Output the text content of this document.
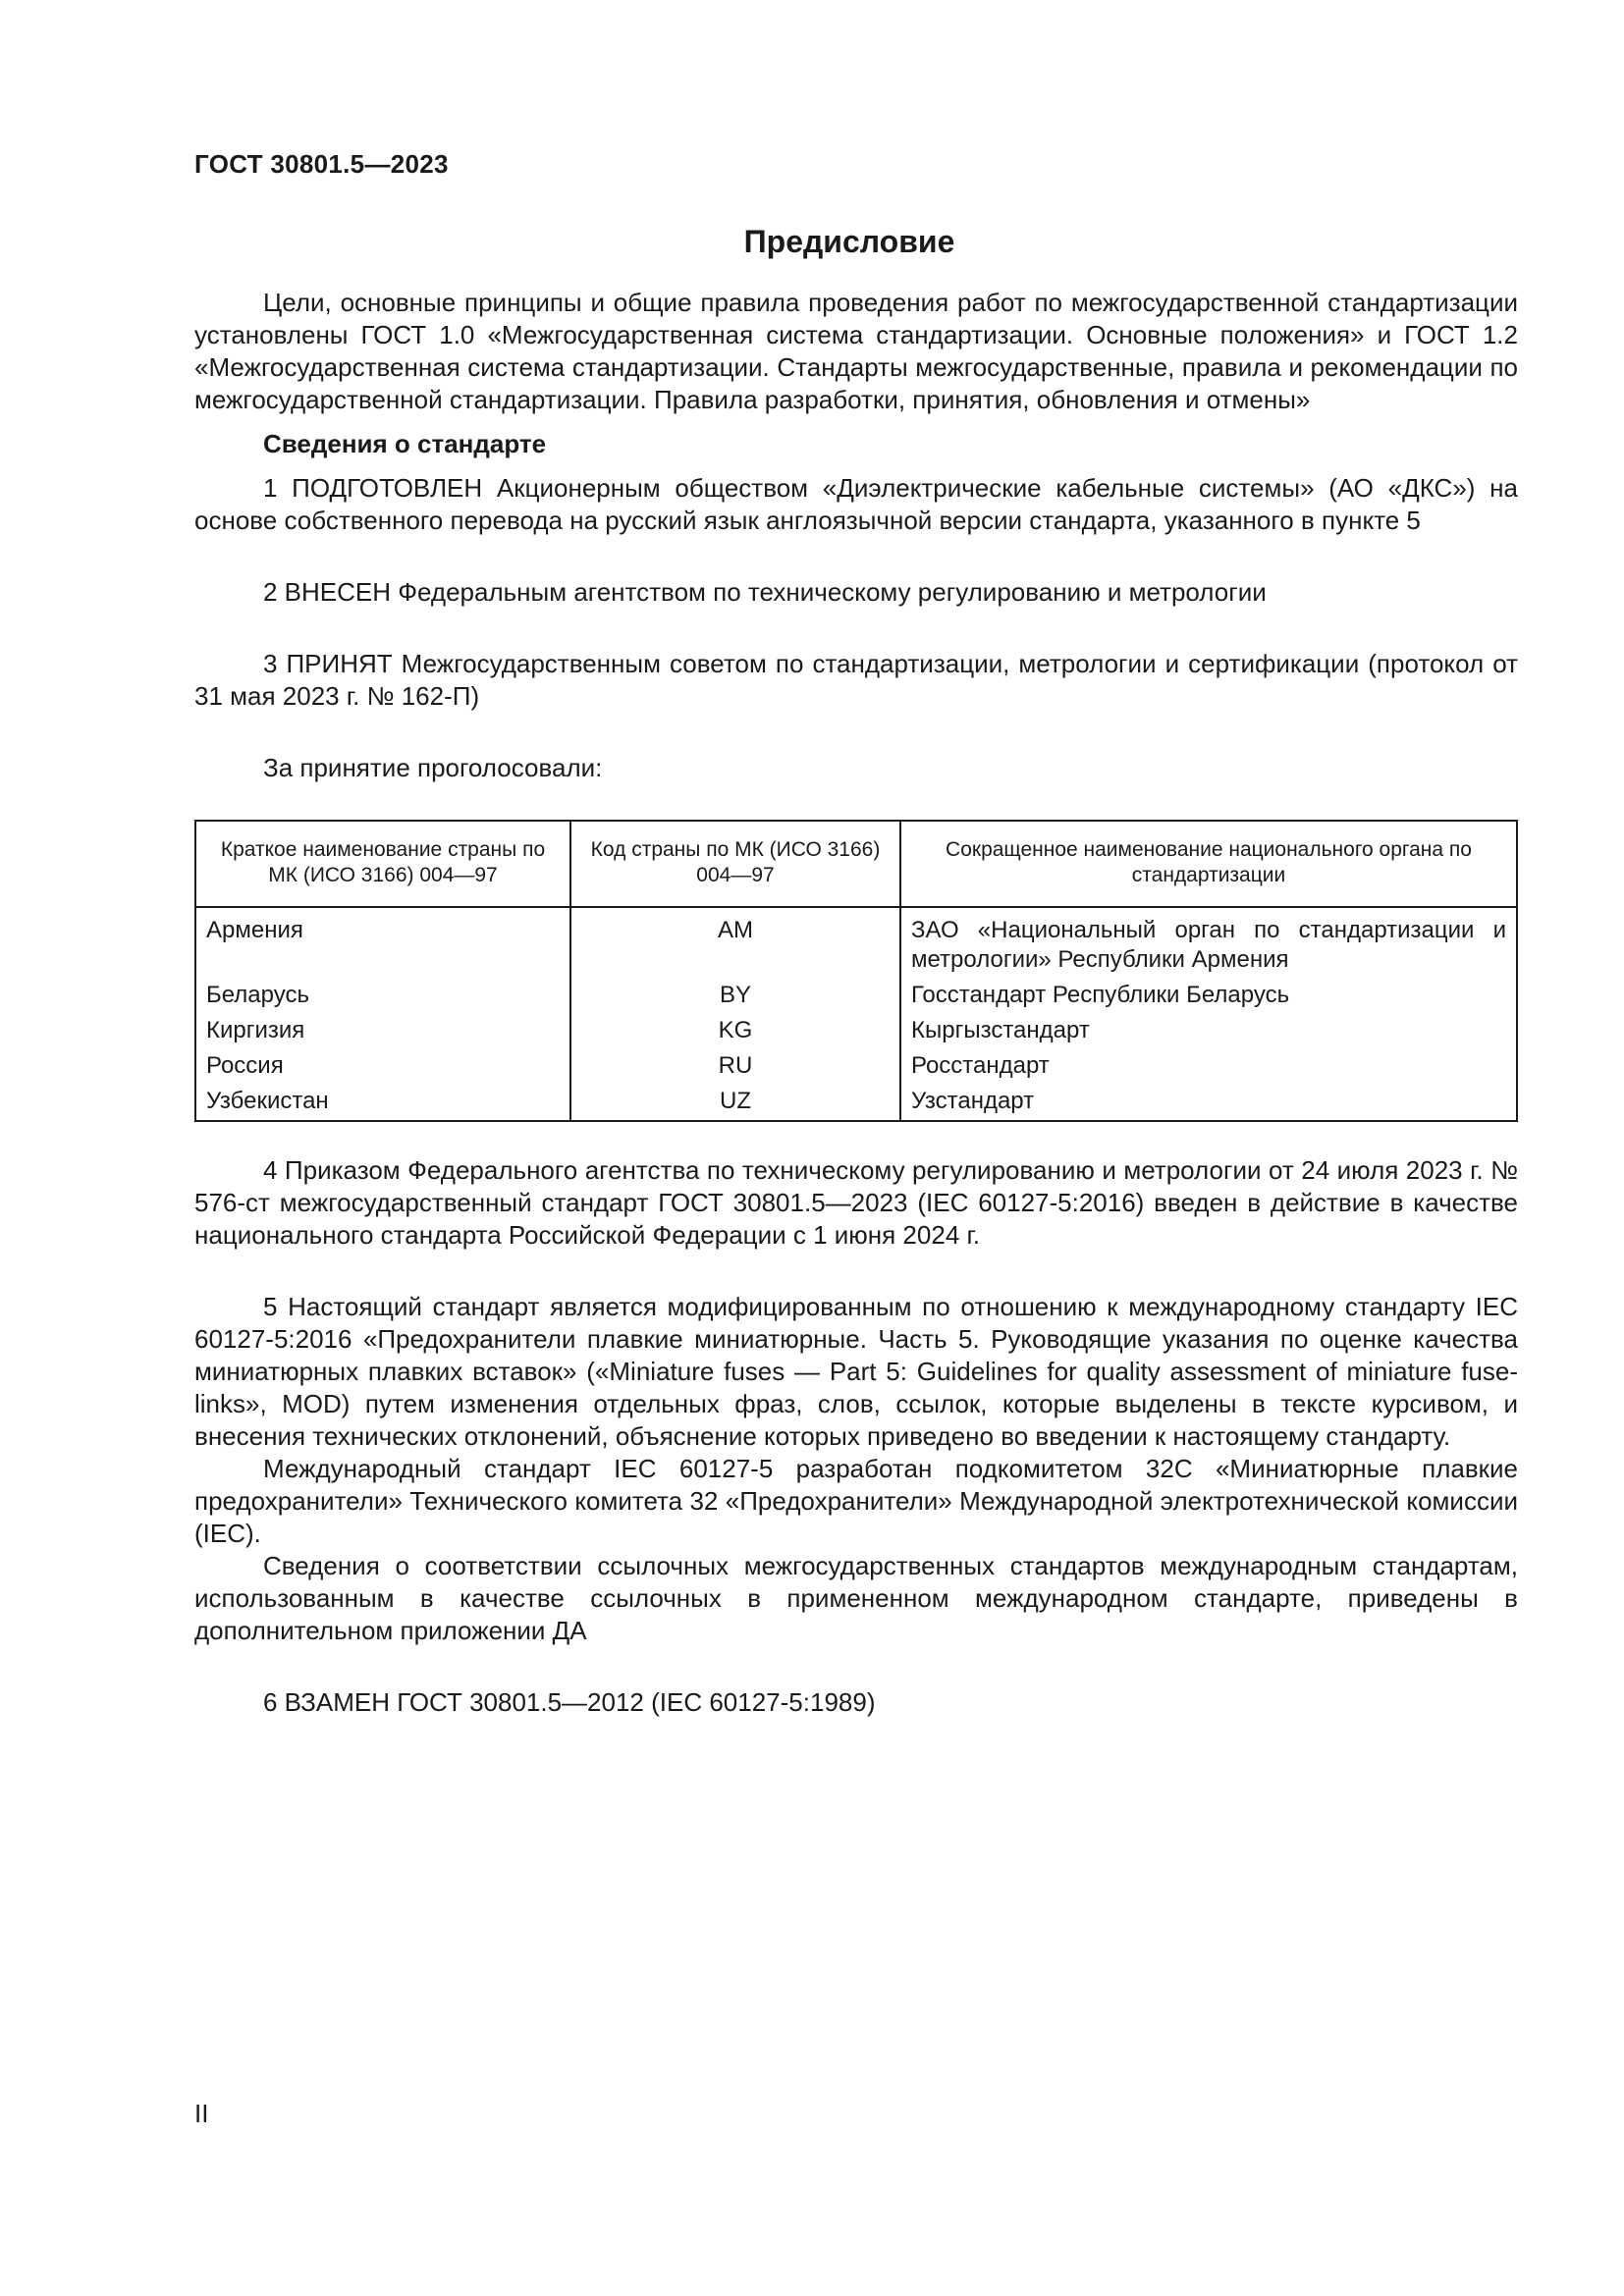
ГОСТ 30801.5—2023
Предисловие

Цели, основные принципы и общие правила проведения работ по межгосударственной стандартизации установлены ГОСТ 1.0 «Межгосударственная система стандартизации. Основные положения» и ГОСТ 1.2 «Межгосударственная система стандартизации. Стандарты межгосударственные, правила и рекомендации по межгосударственной стандартизации. Правила разработки, принятия, обновления и отмены»

Сведения о стандарте

1 ПОДГОТОВЛЕН Акционерным обществом «Диэлектрические кабельные системы» (АО «ДКС») на основе собственного перевода на русский язык англоязычной версии стандарта, указанного в пункте 5

2 ВНЕСЕН Федеральным агентством по техническому регулированию и метрологии

3 ПРИНЯТ Межгосударственным советом по стандартизации, метрологии и сертификации (протокол от 31 мая 2023 г. № 162-П)

За принятие проголосовали:

Краткое наименование страны по МК (ИСО 3166) 004—97	Код страны по МК (ИСО 3166) 004—97	Сокращенное наименование национального органа по стандартизации
Армения	AM	ЗАО «Национальный орган по стандартизации и метрологии» Республики Армения
Беларусь	BY	Госстандарт Республики Беларусь
Киргизия	KG	Кыргызстандарт
Россия	RU	Росстандарт
Узбекистан	UZ	Узстандарт

4 Приказом Федерального агентства по техническому регулированию и метрологии от 24 июля 2023 г. № 576-ст межгосударственный стандарт ГОСТ 30801.5—2023 (IEC 60127-5:2016) введен в действие в качестве национального стандарта Российской Федерации с 1 июня 2024 г.

5 Настоящий стандарт является модифицированным по отношению к международному стандарту IEC 60127-5:2016 «Предохранители плавкие миниатюрные. Часть 5. Руководящие указания по оценке качества миниатюрных плавких вставок» («Miniature fuses — Part 5: Guidelines for quality assessment of miniature fuse-links», MOD) путем изменения отдельных фраз, слов, ссылок, которые выделены в тексте курсивом, и внесения технических отклонений, объяснение которых приведено во введении к настоящему стандарту.

Международный стандарт IEC 60127-5 разработан подкомитетом 32С «Миниатюрные плавкие предохранители» Технического комитета 32 «Предохранители» Международной электротехнической комиссии (IEC).

Сведения о соответствии ссылочных межгосударственных стандартов международным стандартам, использованным в качестве ссылочных в примененном международном стандарте, приведены в дополнительном приложении ДА

6 ВЗАМЕН ГОСТ 30801.5—2012 (IEC 60127-5:1989)

II
